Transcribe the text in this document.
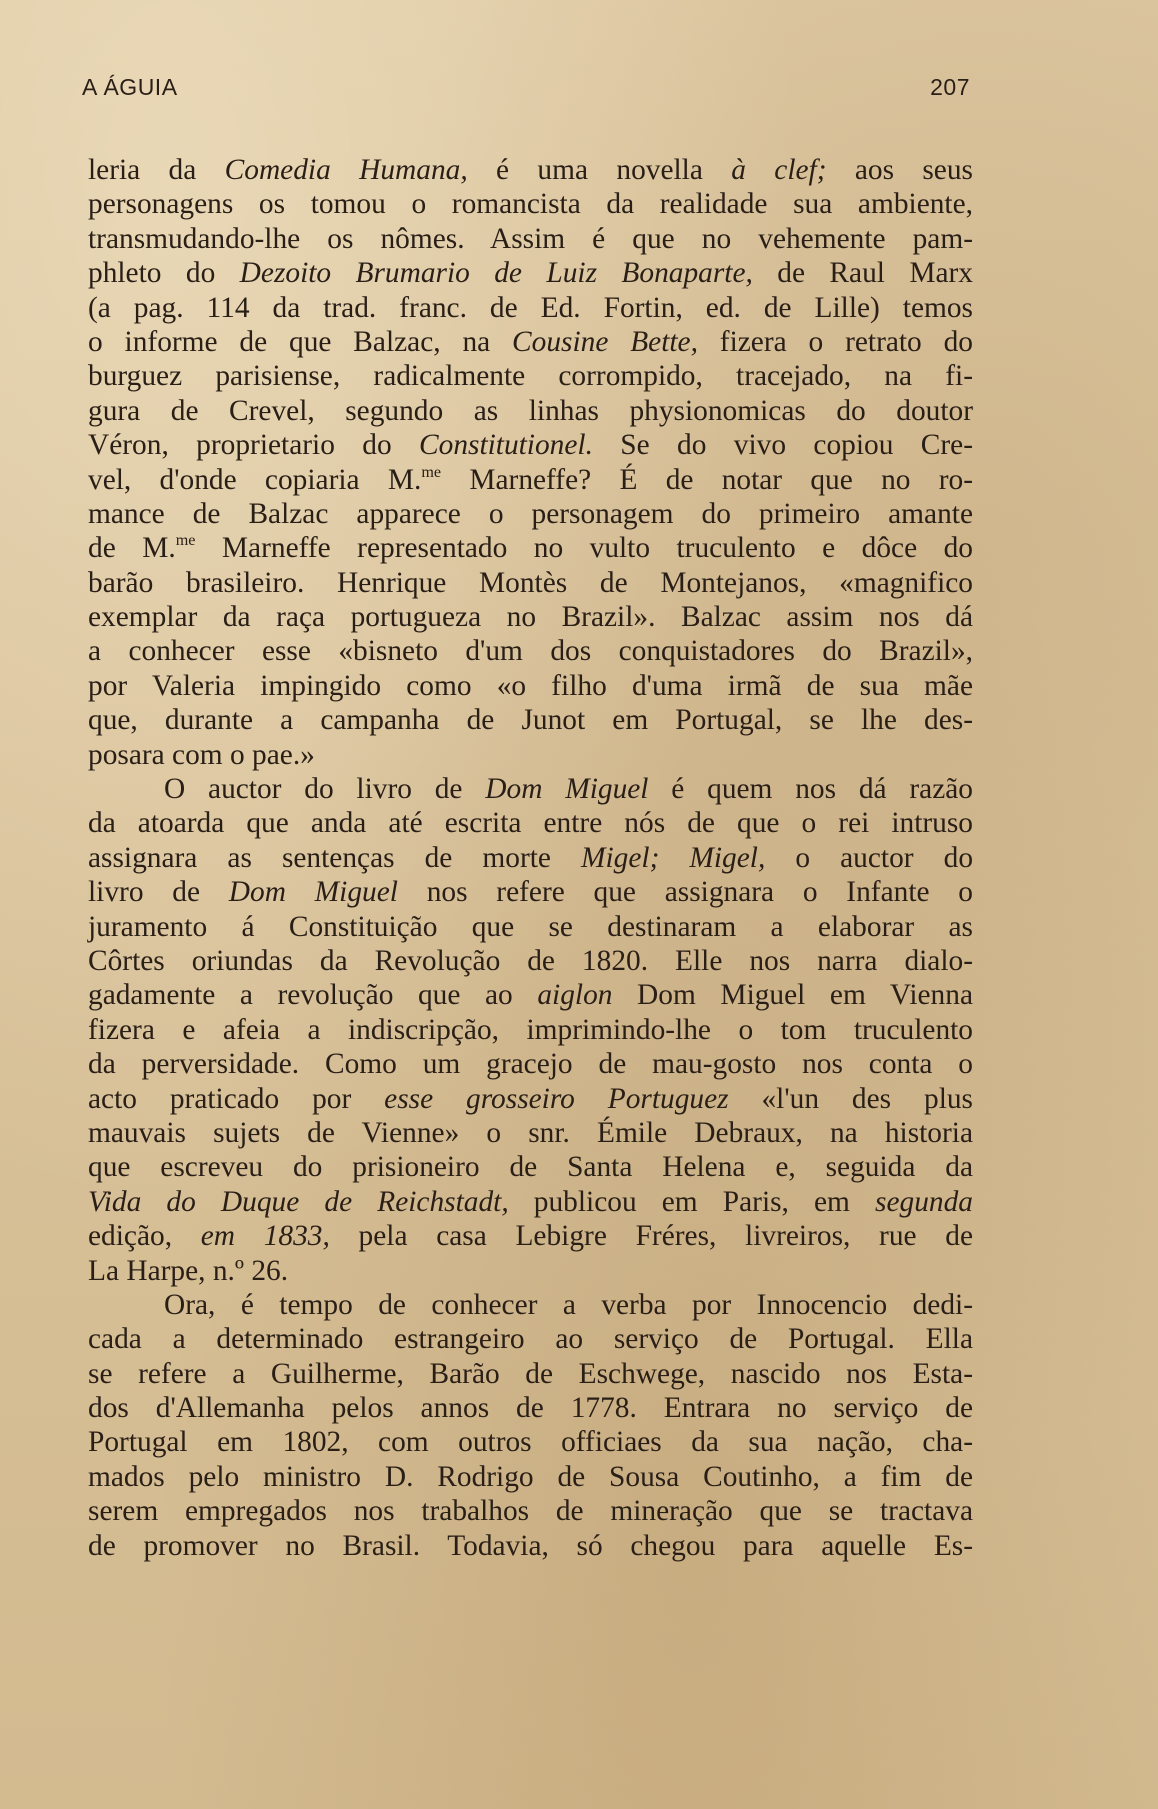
A ÁGUIA	207
leria da Comedia Humana, é uma novella à clef; aos seus
personagens os tomou o romancista da realidade sua ambiente,
transmudando-lhe os nômes. Assim é que no vehemente pam-
phleto do Dezoito Brumario de Luiz Bonaparte, de Raul Marx
(a pag. 114 da trad. franc. de Ed. Fortin, ed. de Lille) temos
o informe de que Balzac, na Cousine Bette, fizera o retrato do
burguez parisiense, radicalmente corrompido, tracejado, na fi-
gura de Crevel, segundo as linhas physionomicas do doutor
Véron, proprietario do Constitutionel. Se do vivo copiou Cre-
vel, d'onde copiaria M.$^{me}$ Marneffe? É de notar que no ro-
mance de Balzac apparece o personagem do primeiro amante
de M.$^{me}$ Marneffe representado no vulto truculento e dôce do
barão brasileiro. Henrique Montès de Montejanos, «magnifico
exemplar da raça portugueza no Brazil». Balzac assim nos dá
a conhecer esse «bisneto d'um dos conquistadores do Brazil»,
por Valeria impingido como «o filho d'uma irmã de sua mãe
que, durante a campanha de Junot em Portugal, se lhe des-
posara com o pae.»
O auctor do livro de Dom Miguel é quem nos dá razão
da atoarda que anda até escrita entre nós de que o rei intruso
assignara as sentenças de morte Migel; Migel, o auctor do
livro de Dom Miguel nos refere que assignara o Infante o
juramento á Constituição que se destinaram a elaborar as
Côrtes oriundas da Revolução de 1820. Elle nos narra dialo-
gadamente a revolução que ao aiglon Dom Miguel em Vienna
fizera e afeia a indiscripção, imprimindo-lhe o tom truculento
da perversidade. Como um gracejo de mau-gosto nos conta o
acto praticado por esse grosseiro Portuguez «l'un des plus
mauvais sujets de Vienne» o snr. Émile Debraux, na historia
que escreveu do prisioneiro de Santa Helena e, seguida da
Vida do Duque de Reichstadt, publicou em Paris, em segunda
edição, em 1833, pela casa Lebigre Fréres, livreiros, rue de
La Harpe, n.º 26.
Ora, é tempo de conhecer a verba por Innocencio dedi-
cada a determinado estrangeiro ao serviço de Portugal. Ella
se refere a Guilherme, Barão de Eschwege, nascido nos Esta-
dos d'Allemanha pelos annos de 1778. Entrara no serviço de
Portugal em 1802, com outros officiaes da sua nação, cha-
mados pelo ministro D. Rodrigo de Sousa Coutinho, a fim de
serem empregados nos trabalhos de mineração que se tractava
de promover no Brasil. Todavia, só chegou para aquelle Es-
